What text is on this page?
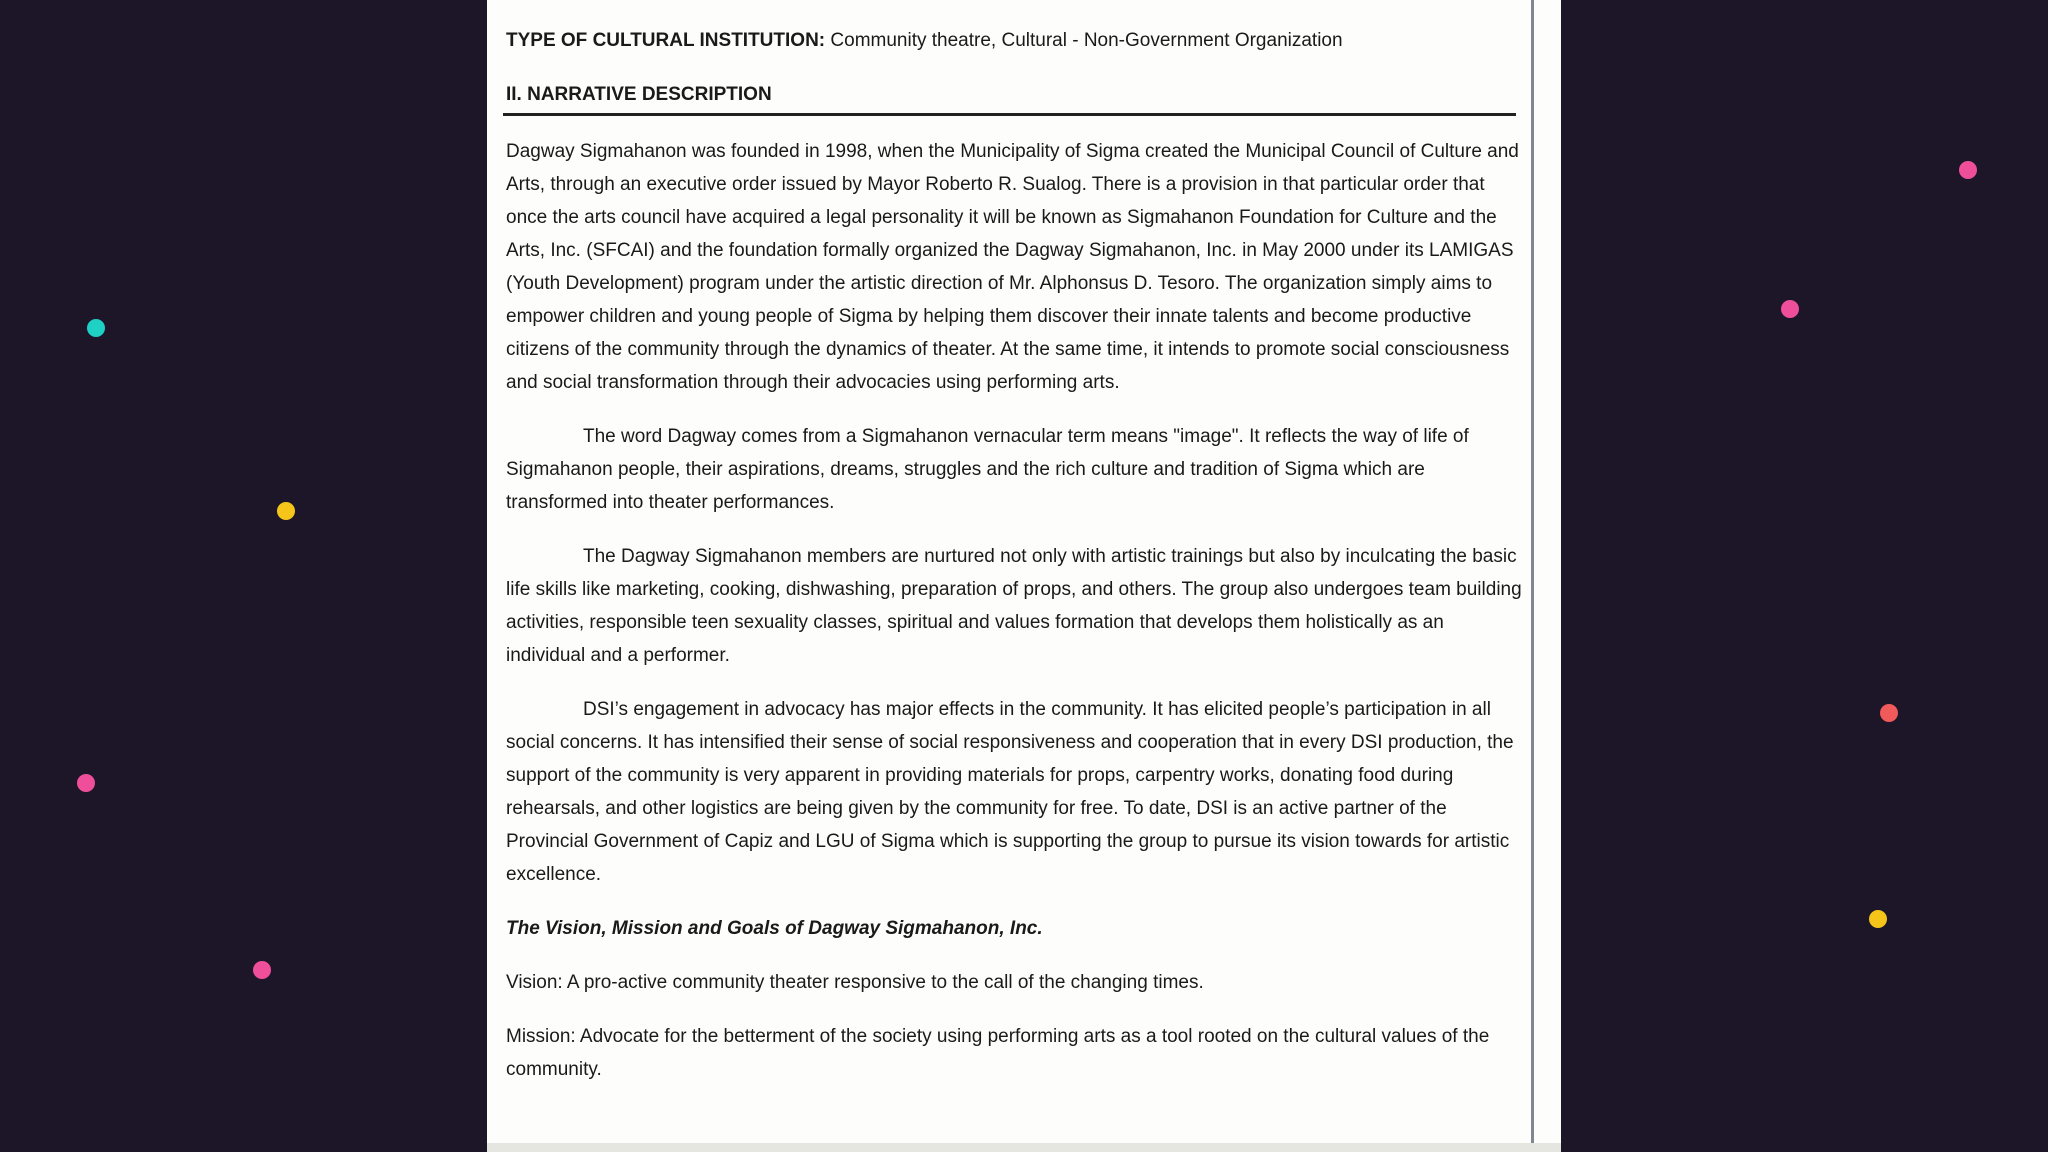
TYPE OF CULTURAL INSTITUTION: Community theatre, Cultural - Non-Government Organization

II. NARRATIVE DESCRIPTION

Dagway Sigmahanon was founded in 1998, when the Municipality of Sigma created the Municipal Council of Culture and Arts, through an executive order issued by Mayor Roberto R. Sualog. There is a provision in that particular order that once the arts council have acquired a legal personality it will be known as Sigmahanon Foundation for Culture and the Arts, Inc. (SFCAI) and the foundation formally organized the Dagway Sigmahanon, Inc. in May 2000 under its LAMIGAS (Youth Development) program under the artistic direction of Mr. Alphonsus D. Tesoro. The organization simply aims to empower children and young people of Sigma by helping them discover their innate talents and become productive citizens of the community through the dynamics of theater. At the same time, it intends to promote social consciousness and social transformation through their advocacies using performing arts.

The word Dagway comes from a Sigmahanon vernacular term means "image". It reflects the way of life of Sigmahanon people, their aspirations, dreams, struggles and the rich culture and tradition of Sigma which are transformed into theater performances.

The Dagway Sigmahanon members are nurtured not only with artistic trainings but also by inculcating the basic life skills like marketing, cooking, dishwashing, preparation of props, and others. The group also undergoes team building activities, responsible teen sexuality classes, spiritual and values formation that develops them holistically as an individual and a performer.

DSI’s engagement in advocacy has major effects in the community. It has elicited people’s participation in all social concerns. It has intensified their sense of social responsiveness and cooperation that in every DSI production, the support of the community is very apparent in providing materials for props, carpentry works, donating food during rehearsals, and other logistics are being given by the community for free. To date, DSI is an active partner of the Provincial Government of Capiz and LGU of Sigma which is supporting the group to pursue its vision towards for artistic excellence.

The Vision, Mission and Goals of Dagway Sigmahanon, Inc.

Vision: A pro-active community theater responsive to the call of the changing times.

Mission: Advocate for the betterment of the society using performing arts as a tool rooted on the cultural values of the community.
